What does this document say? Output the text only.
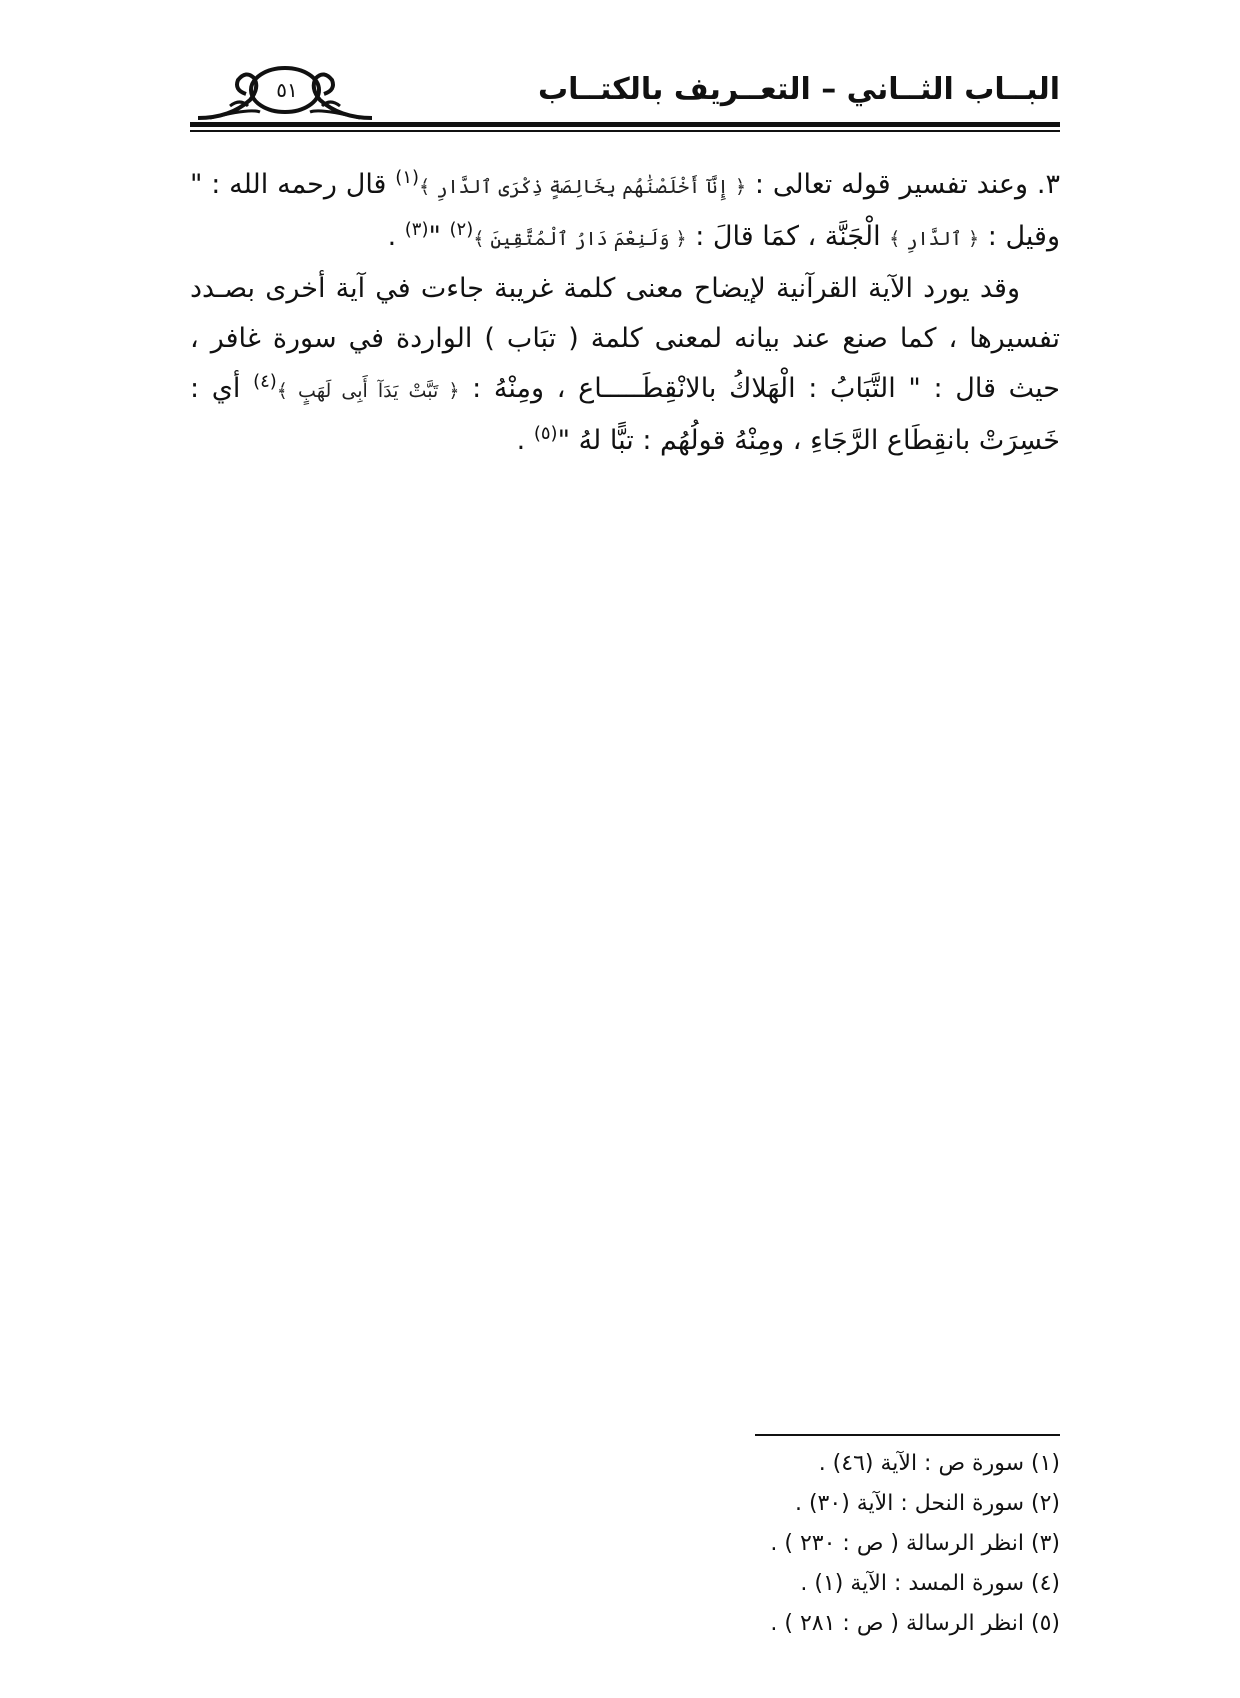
٥١	البــاب الثــاني – التعــريف بالكتــاب

٣. وعند تفسير قوله تعالى : ﴿ إِنَّآ أَخْلَصْنَٰهُم بِخَالِصَةٍ ذِكْرَى ٱلدَّارِ ﴾$^{(١)}$ قال رحمه الله : " وقيل : ﴿ ٱلدَّارِ ﴾ الْجَنَّة ، كمَا قالَ : ﴿ وَلَنِعْمَ دَارُ ٱلْمُتَّقِينَ ﴾$^{(٢)}$ "$^{(٣)}$ .

وقد يورد الآية القرآنية لإيضاح معنى كلمة غريبة جاءت في آية أخرى بصـدد تفسيرها ، كما صنع عند بيانه لمعنى كلمة ( تبَاب ) الواردة في سورة غافر ، حيث قال : " التَّبَابُ : الْهَلاكُ بالانْقِطَـــــاع ، ومِنْهُ : ﴿ تَبَّتْ يَدَآ أَبِى لَهَبٍ ﴾$^{(٤)}$ أي : خَسِرَتْ بانقِطَاع الرَّجَاءِ ، ومِنْهُ قولُهُم : تبًّا لهُ "$^{(٥)}$ .

(١) سورة ص : الآية (٤٦) .
(٢) سورة النحل : الآية (٣٠) .
(٣) انظر الرسالة ( ص : ٢٣٠ ) .
(٤) سورة المسد : الآية (١) .
(٥) انظر الرسالة ( ص : ٢٨١ ) .
